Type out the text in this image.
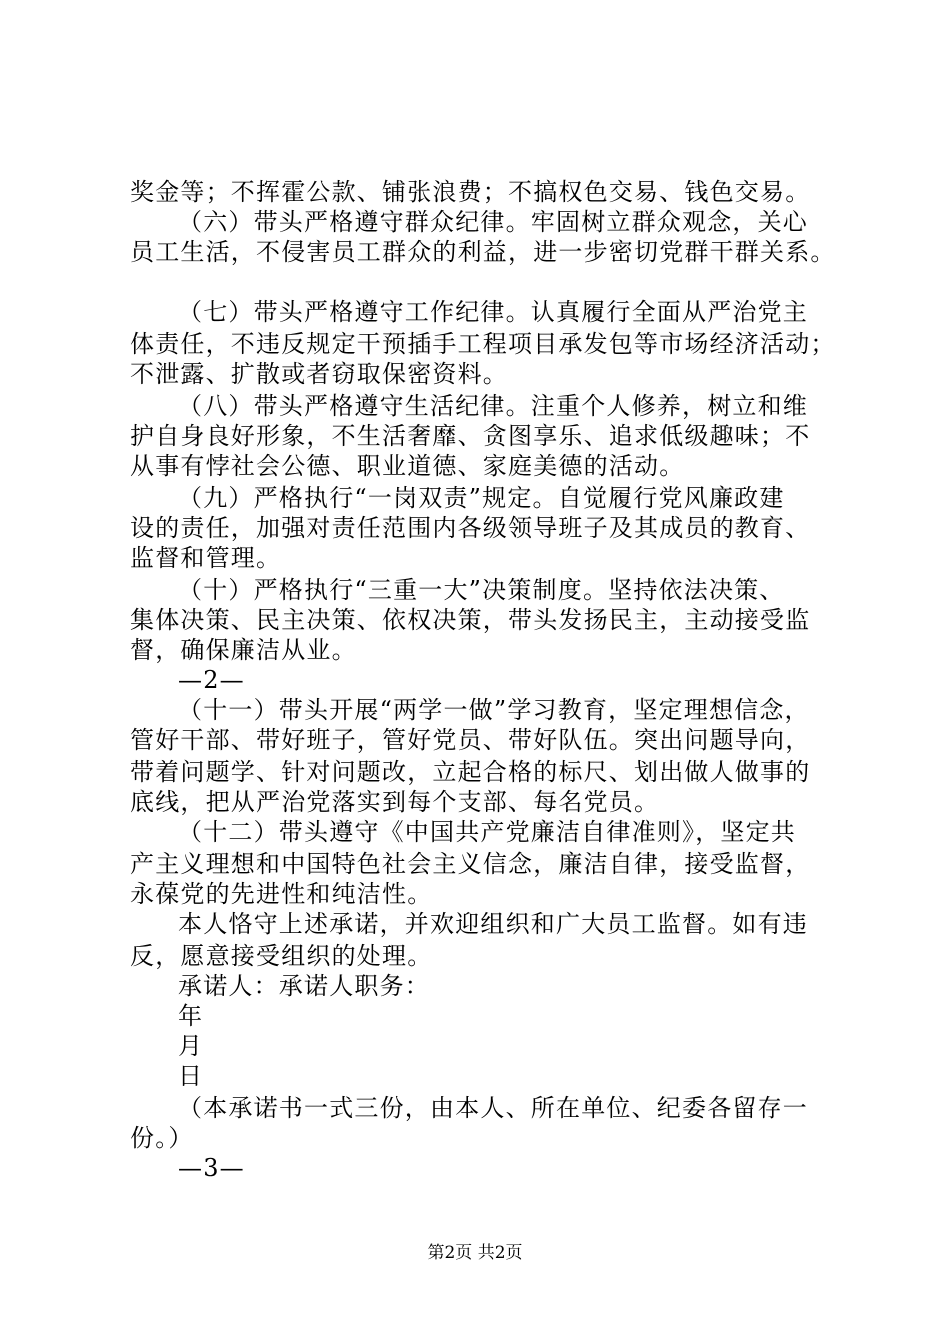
奖金等；不挥霍公款、铺张浪费；不搞权色交易、钱色交易。
（六）带头严格遵守群众纪律。牢固树立群众观念，关心
员工生活，不侵害员工群众的利益，进一步密切党群干群关系。
（七）带头严格遵守工作纪律。认真履行全面从严治党主
体责任，不违反规定干预插手工程项目承发包等市场经济活动；
不泄露、扩散或者窃取保密资料。
（八）带头严格遵守生活纪律。注重个人修养，树立和维
护自身良好形象，不生活奢靡、贪图享乐、追求低级趣味；不
从事有悖社会公德、职业道德、家庭美德的活动。
（九）严格执行“一岗双责”规定。自觉履行党风廉政建
设的责任，加强对责任范围内各级领导班子及其成员的教育、
监督和管理。
（十）严格执行“三重一大”决策制度。坚持依法决策、
集体决策、民主决策、依权决策，带头发扬民主，主动接受监
督，确保廉洁从业。
—2—
（十一）带头开展“两学一做”学习教育，坚定理想信念，
管好干部、带好班子，管好党员、带好队伍。突出问题导向，
带着问题学、针对问题改，立起合格的标尺、划出做人做事的
底线，把从严治党落实到每个支部、每名党员。
（十二）带头遵守《中国共产党廉洁自律准则》，坚定共
产主义理想和中国特色社会主义信念，廉洁自律，接受监督，
永葆党的先进性和纯洁性。
本人恪守上述承诺，并欢迎组织和广大员工监督。如有违
反，愿意接受组织的处理。
承诺人：承诺人职务：
年
月
日
（本承诺书一式三份，由本人、所在单位、纪委各留存一
份。）
—3—
第2页 共2页
